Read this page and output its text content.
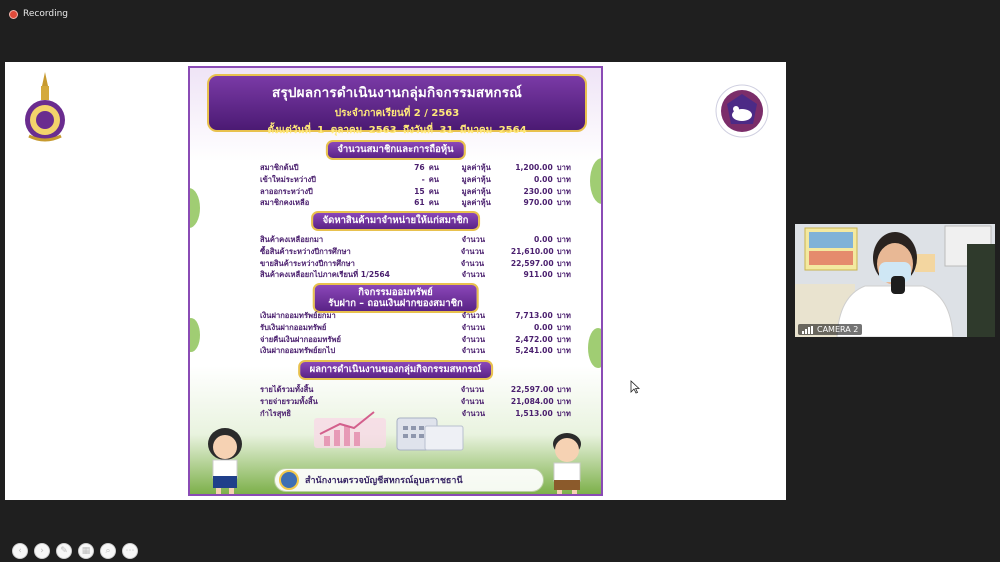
Recording
สรุปผลการดำเนินงานกลุ่มกิจกรรมสหกรณ์
ประจำภาคเรียนที่ 2 / 2563
ตั้งแต่วันที่ 1 ตุลาคม 2563 ถึงวันที่ 31 มีนาคม 2564
จำนวนสมาชิกและการถือหุ้น
สมาชิกต้นปี	76 คน	มูลค่าหุ้น	1,200.00 บาท
เข้าใหม่ระหว่างปี	- คน	มูลค่าหุ้น	0.00 บาท
ลาออกระหว่างปี	15 คน	มูลค่าหุ้น	230.00 บาท
สมาชิกคงเหลือ	61 คน	มูลค่าหุ้น	970.00 บาท
จัดหาสินค้ามาจำหน่ายให้แก่สมาชิก
สินค้าคงเหลือยกมา	จำนวน	0.00 บาท
ซื้อสินค้าระหว่างปีการศึกษา	จำนวน	21,610.00 บาท
ขายสินค้าระหว่างปีการศึกษา	จำนวน	22,597.00 บาท
สินค้าคงเหลือยกไปภาคเรียนที่ 1/2564	จำนวน	911.00 บาท
กิจกรรมออมทรัพย์
รับฝาก – ถอนเงินฝากของสมาชิก
เงินฝากออมทรัพย์ยกมา	จำนวน	7,713.00 บาท
รับเงินฝากออมทรัพย์	จำนวน	0.00 บาท
จ่ายคืนเงินฝากออมทรัพย์	จำนวน	2,472.00 บาท
เงินฝากออมทรัพย์ยกไป	จำนวน	5,241.00 บาท
ผลการดำเนินงานของกลุ่มกิจกรรมสหกรณ์
รายได้รวมทั้งสิ้น	จำนวน	22,597.00 บาท
รายจ่ายรวมทั้งสิ้น	จำนวน	21,084.00 บาท
กำไรสุทธิ	จำนวน	1,513.00 บาท
สำนักงานตรวจบัญชีสหกรณ์อุบลราชธานี
‹	›	✎	▦	⌕	⋯
CAMERA 2
